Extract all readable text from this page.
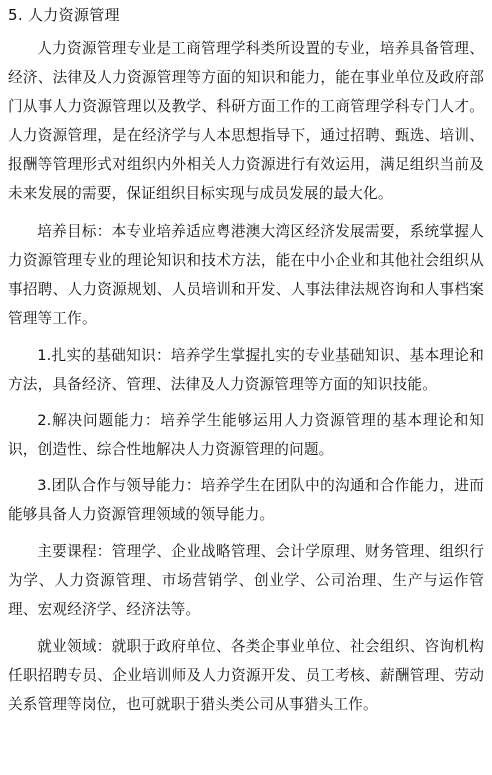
5. 人力资源管理

人力资源管理专业是工商管理学科类所设置的专业，培养具备管理、经济、法律及人力资源管理等方面的知识和能力，能在事业单位及政府部门从事人力资源管理以及教学、科研方面工作的工商管理学科专门人才。人力资源管理，是在经济学与人本思想指导下，通过招聘、甄选、培训、报酬等管理形式对组织内外相关人力资源进行有效运用，满足组织当前及未来发展的需要，保证组织目标实现与成员发展的最大化。

培养目标：本专业培养适应粤港澳大湾区经济发展需要，系统掌握人力资源管理专业的理论知识和技术方法，能在中小企业和其他社会组织从事招聘、人力资源规划、人员培训和开发、人事法律法规咨询和人事档案管理等工作。

1.扎实的基础知识：培养学生掌握扎实的专业基础知识、基本理论和方法，具备经济、管理、法律及人力资源管理等方面的知识技能。

2.解决问题能力：培养学生能够运用人力资源管理的基本理论和知识，创造性、综合性地解决人力资源管理的问题。

3.团队合作与领导能力：培养学生在团队中的沟通和合作能力，进而能够具备人力资源管理领域的领导能力。

主要课程：管理学、企业战略管理、会计学原理、财务管理、组织行为学、人力资源管理、市场营销学、创业学、公司治理、生产与运作管理、宏观经济学、经济法等。

就业领域：就职于政府单位、各类企事业单位、社会组织、咨询机构任职招聘专员、企业培训师及人力资源开发、员工考核、薪酬管理、劳动关系管理等岗位，也可就职于猎头类公司从事猎头工作。
